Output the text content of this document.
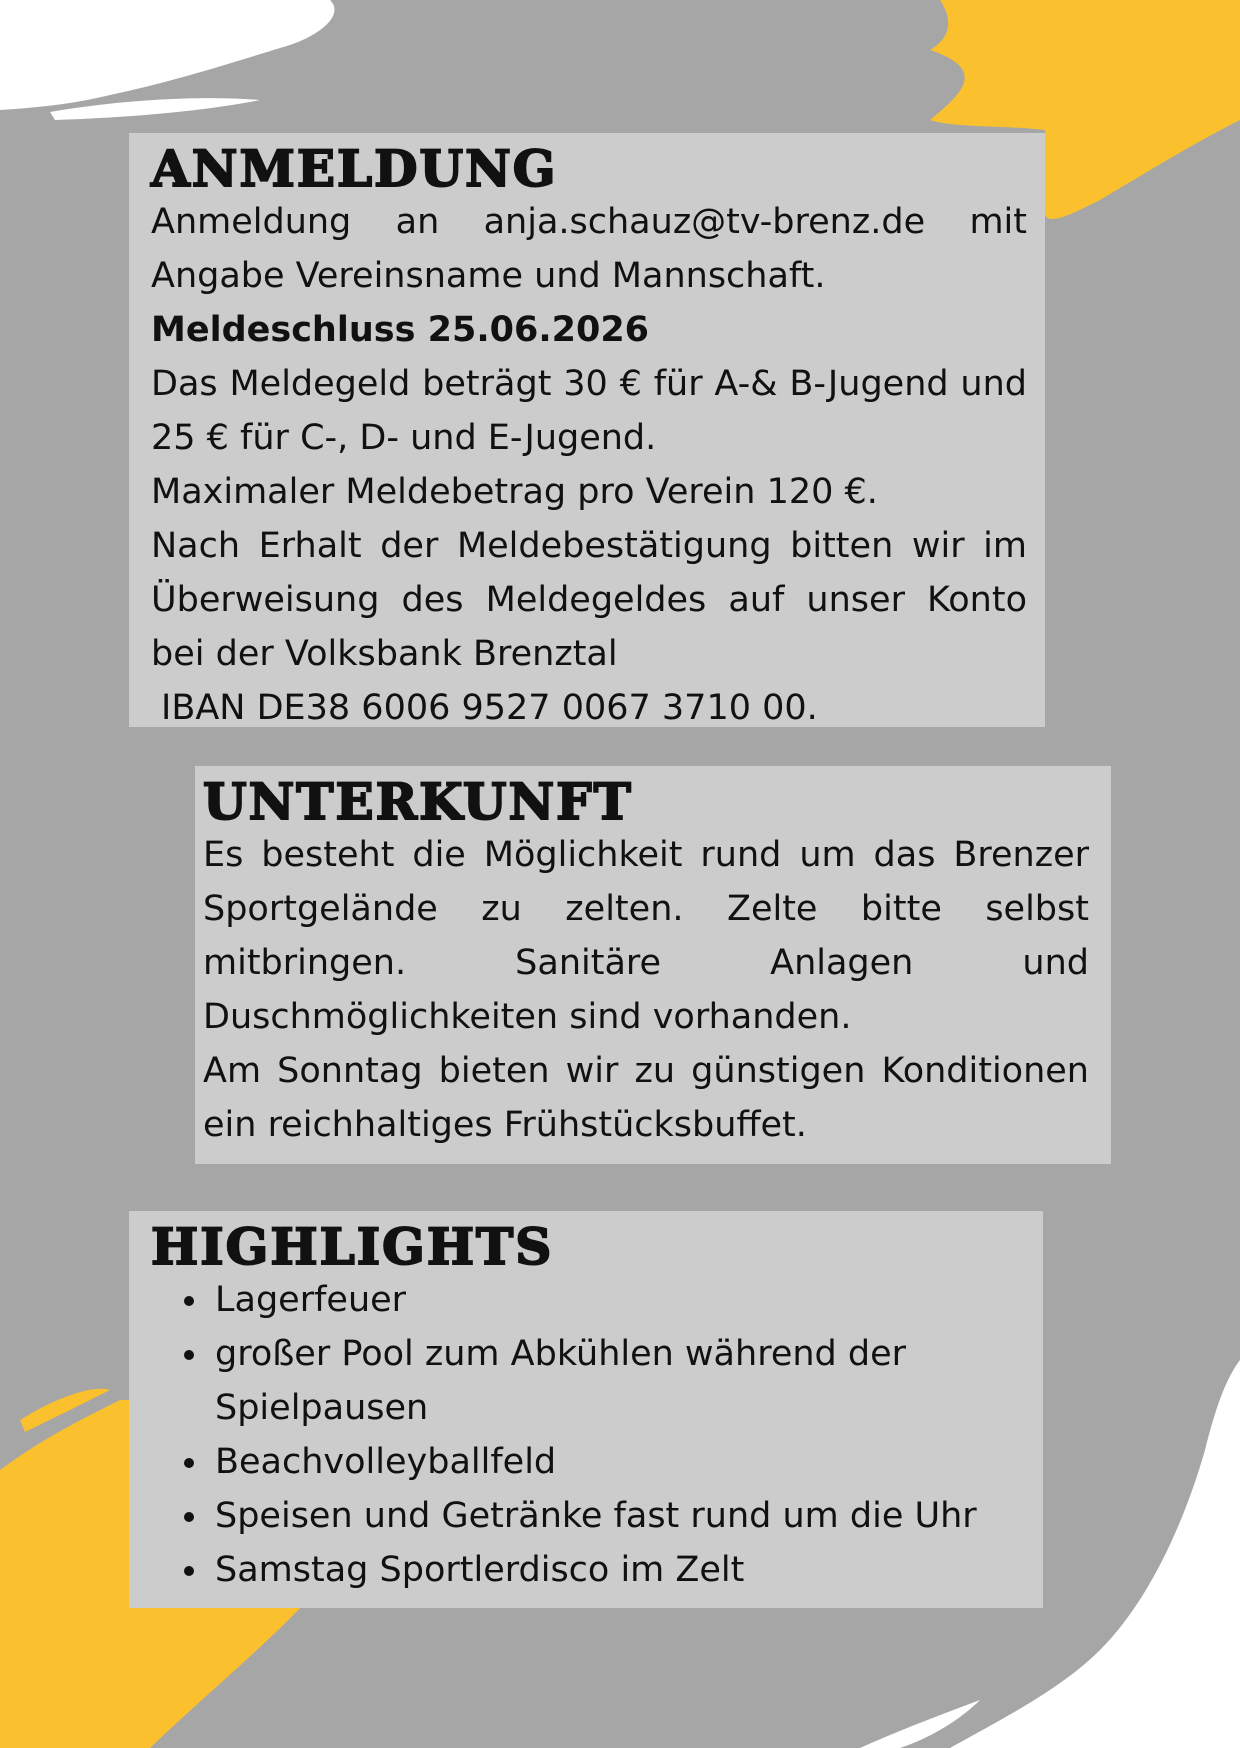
ANMELDUNG

Anmeldung an anja.schauz@tv-brenz.de mit Angabe Vereinsname und Mannschaft.

Meldeschluss 25.06.2026

Das Meldegeld beträgt 30 € für A-& B-Jugend und 25 € für C-, D- und E-Jugend.

Maximaler Meldebetrag pro Verein 120 €.

Nach Erhalt der Meldebestätigung bitten wir im Überweisung des Meldegeldes auf unser Konto bei der Volksbank Brenztal

IBAN DE38 6006 9527 0067 3710 00.

UNTERKUNFT

Es besteht die Möglichkeit rund um das Brenzer Sportgelände zu zelten. Zelte bitte selbst mitbringen. Sanitäre Anlagen und Duschmöglichkeiten sind vorhanden.

Am Sonntag bieten wir zu günstigen Konditionen ein reichhaltiges Frühstücksbuffet.

HIGHLIGHTS
• Lagerfeuer
• großer Pool zum Abkühlen während der Spielpausen
• Beachvolleyballfeld
• Speisen und Getränke fast rund um die Uhr
• Samstag Sportlerdisco im Zelt
